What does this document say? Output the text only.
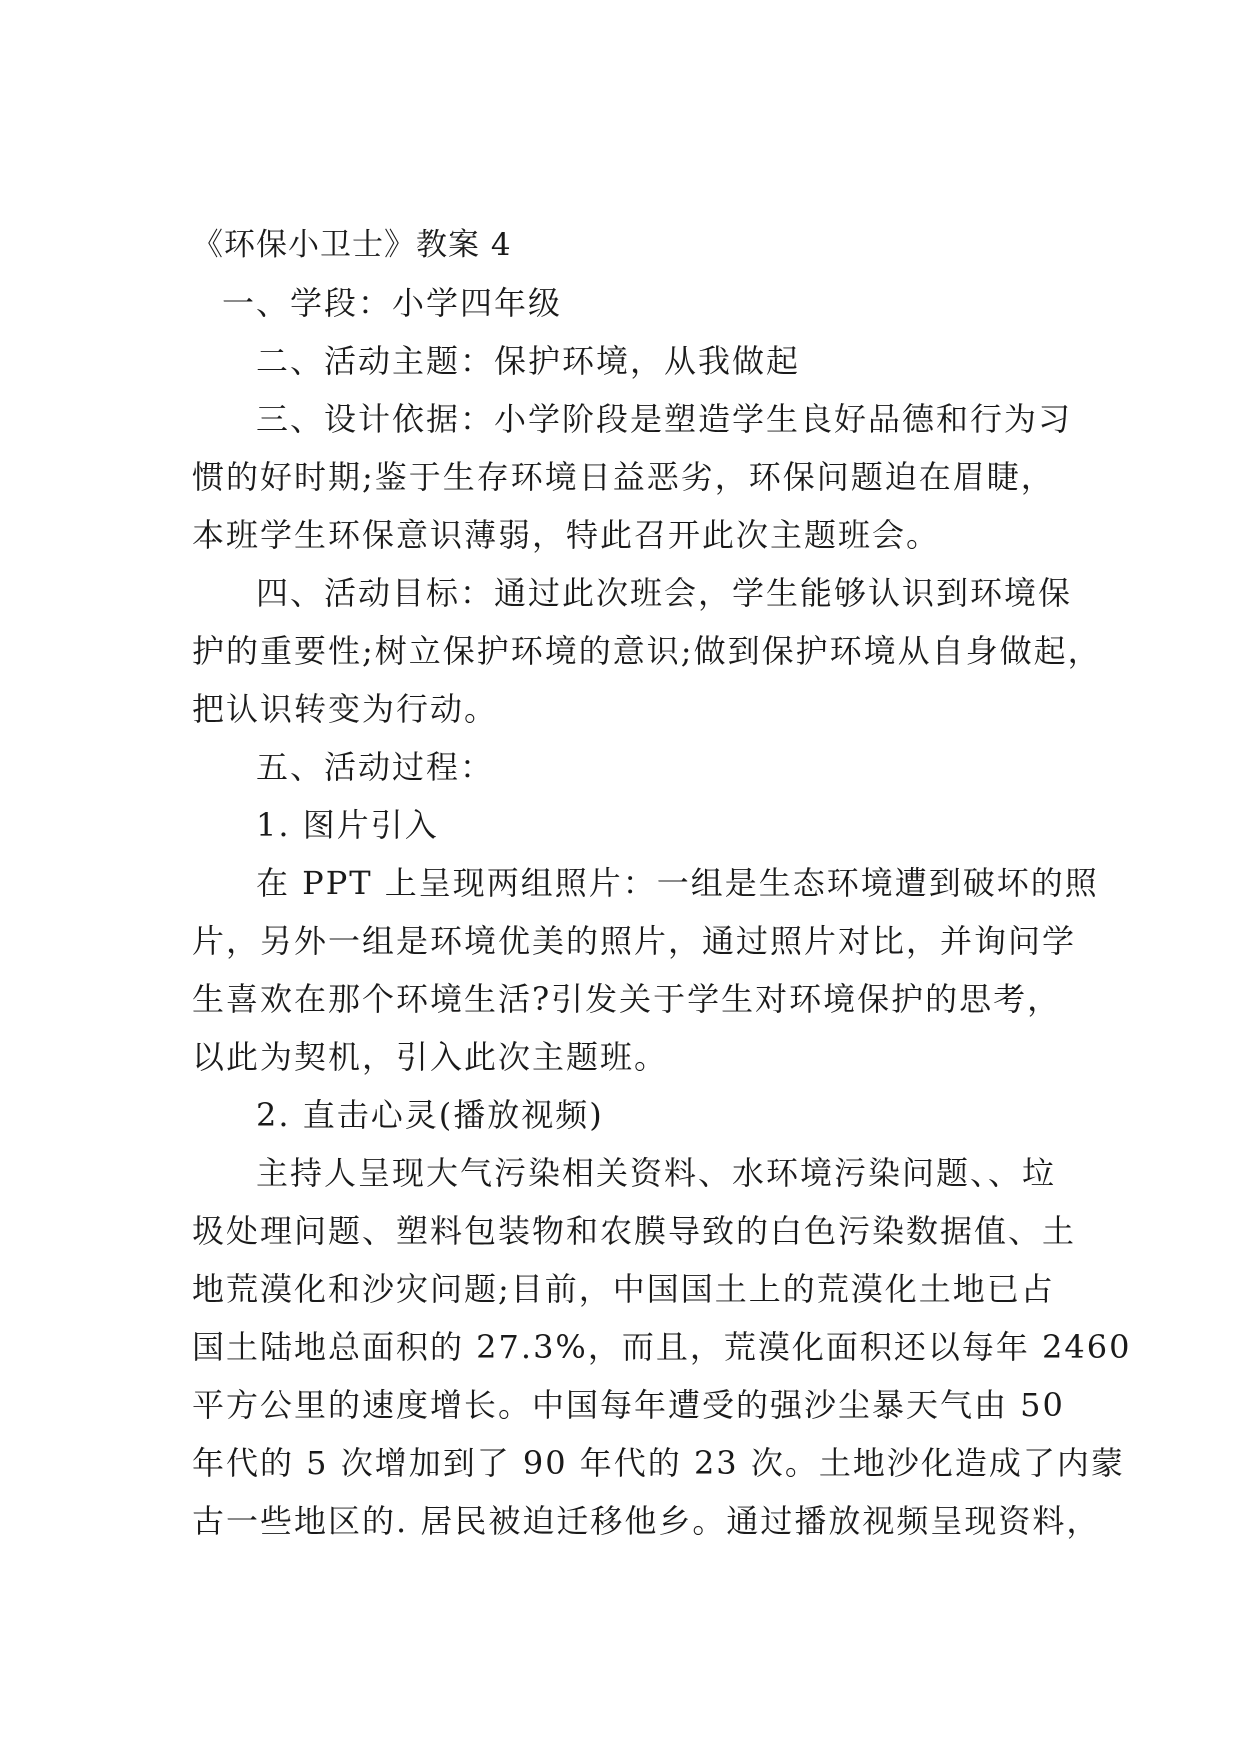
《环保小卫士》教案 4
一、学段：小学四年级
二、活动主题：保护环境，从我做起
三、设计依据：小学阶段是塑造学生良好品德和行为习
惯的好时期;鉴于生存环境日益恶劣，环保问题迫在眉睫，
本班学生环保意识薄弱，特此召开此次主题班会。
四、活动目标：通过此次班会，学生能够认识到环境保
护的重要性;树立保护环境的意识;做到保护环境从自身做起，
把认识转变为行动。
五、活动过程：
1. 图片引入
在 PPT 上呈现两组照片：一组是生态环境遭到破坏的照
片，另外一组是环境优美的照片，通过照片对比，并询问学
生喜欢在那个环境生活?引发关于学生对环境保护的思考，
以此为契机，引入此次主题班。
2. 直击心灵(播放视频)
主持人呈现大气污染相关资料、水环境污染问题、、垃
圾处理问题、塑料包装物和农膜导致的白色污染数据值、土
地荒漠化和沙灾问题;目前，中国国土上的荒漠化土地已占
国土陆地总面积的 27.3%，而且，荒漠化面积还以每年 2460
平方公里的速度增长。中国每年遭受的强沙尘暴天气由 50
年代的 5 次增加到了 90 年代的 23 次。土地沙化造成了内蒙
古一些地区的. 居民被迫迁移他乡。通过播放视频呈现资料，
